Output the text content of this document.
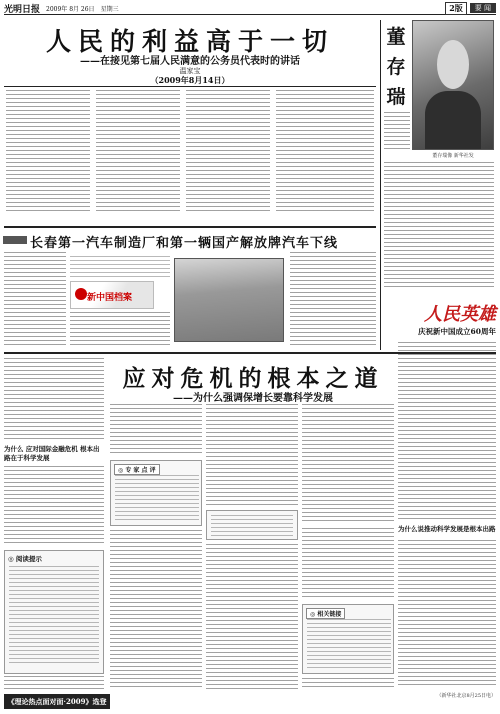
光明日报 2009年 8月 26日 星期三	2版	要 闻
人民的利益高于一切
——在接见第七届人民满意的公务员代表时的讲话
温家宝
（2009年8月14日）
董存瑞像 新华社发
董存瑞
长春第一汽车制造厂和第一辆国产解放牌汽车下线
新中国档案
人民英雄
庆祝新中国成立60周年
应对危机的根本之道
——为什么强调保增长要靠科学发展
为什么 应对国际金融危机 根本出路在于科学发展
◎ 阅读提示
《理论热点面对面·2009》选登
◎ 专 家 点 评
◎ 相关链接
为什么说推动科学发展是根本出路
（新华社北京8月25日电）
